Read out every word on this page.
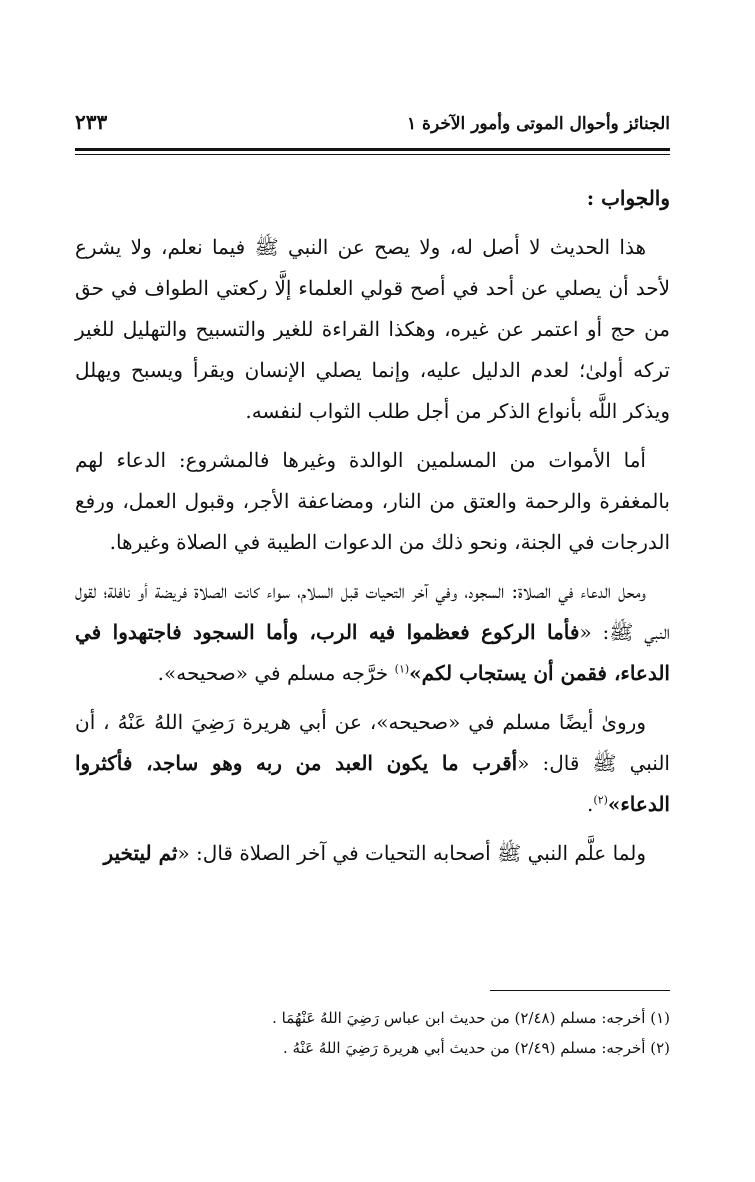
الجنائز وأحوال الموتى وأمور الآخرة ١
٢٣٣

والجواب :

هذا الحديث لا أصل له، ولا يصح عن النبي ﷺ فيما نعلم، ولا يشرع لأحد أن يصلي عن أحد في أصح قولي العلماء إلَّا ركعتي الطواف في حق من حج أو اعتمر عن غيره، وهكذا القراءة للغير والتسبيح والتهليل للغير تركه أولىٰ؛ لعدم الدليل عليه، وإنما يصلي الإنسان ويقرأ ويسبح ويهلل ويذكر اللَّه بأنواع الذكر من أجل طلب الثواب لنفسه.

أما الأموات من المسلمين الوالدة وغيرها فالمشروع: الدعاء لهم بالمغفرة والرحمة والعتق من النار، ومضاعفة الأجر، وقبول العمل، ورفع الدرجات في الجنة، ونحو ذلك من الدعوات الطيبة في الصلاة وغيرها.

ومحل الدعاء في الصلاة: السجود، وفي آخر التحيات قبل السلام، سواء كانت الصلاة فريضة أو نافلة؛ لقول النبي ﷺ: «فأما الركوع فعظموا فيه الرب، وأما السجود فاجتهدوا في الدعاء، فقمن أن يستجاب لكم»$^{(١)}$ خرَّجه مسلم في «صحيحه».

وروىٰ أيضًا مسلم في «صحيحه»، عن أبي هريرة رَضِيَ اللهُ عَنْهُ ، أن النبي ﷺ قال: «أقرب ما يكون العبد من ربه وهو ساجد، فأكثروا الدعاء»$^{(٢)}$.

ولما علَّم النبي ﷺ أصحابه التحيات في آخر الصلاة قال: «ثم ليتخير

(١) أخرجه: مسلم (٢/٤٨) من حديث ابن عباس رَضِيَ اللهُ عَنْهُمَا .

(٢) أخرجه: مسلم (٢/٤٩) من حديث أبي هريرة رَضِيَ اللهُ عَنْهُ .
